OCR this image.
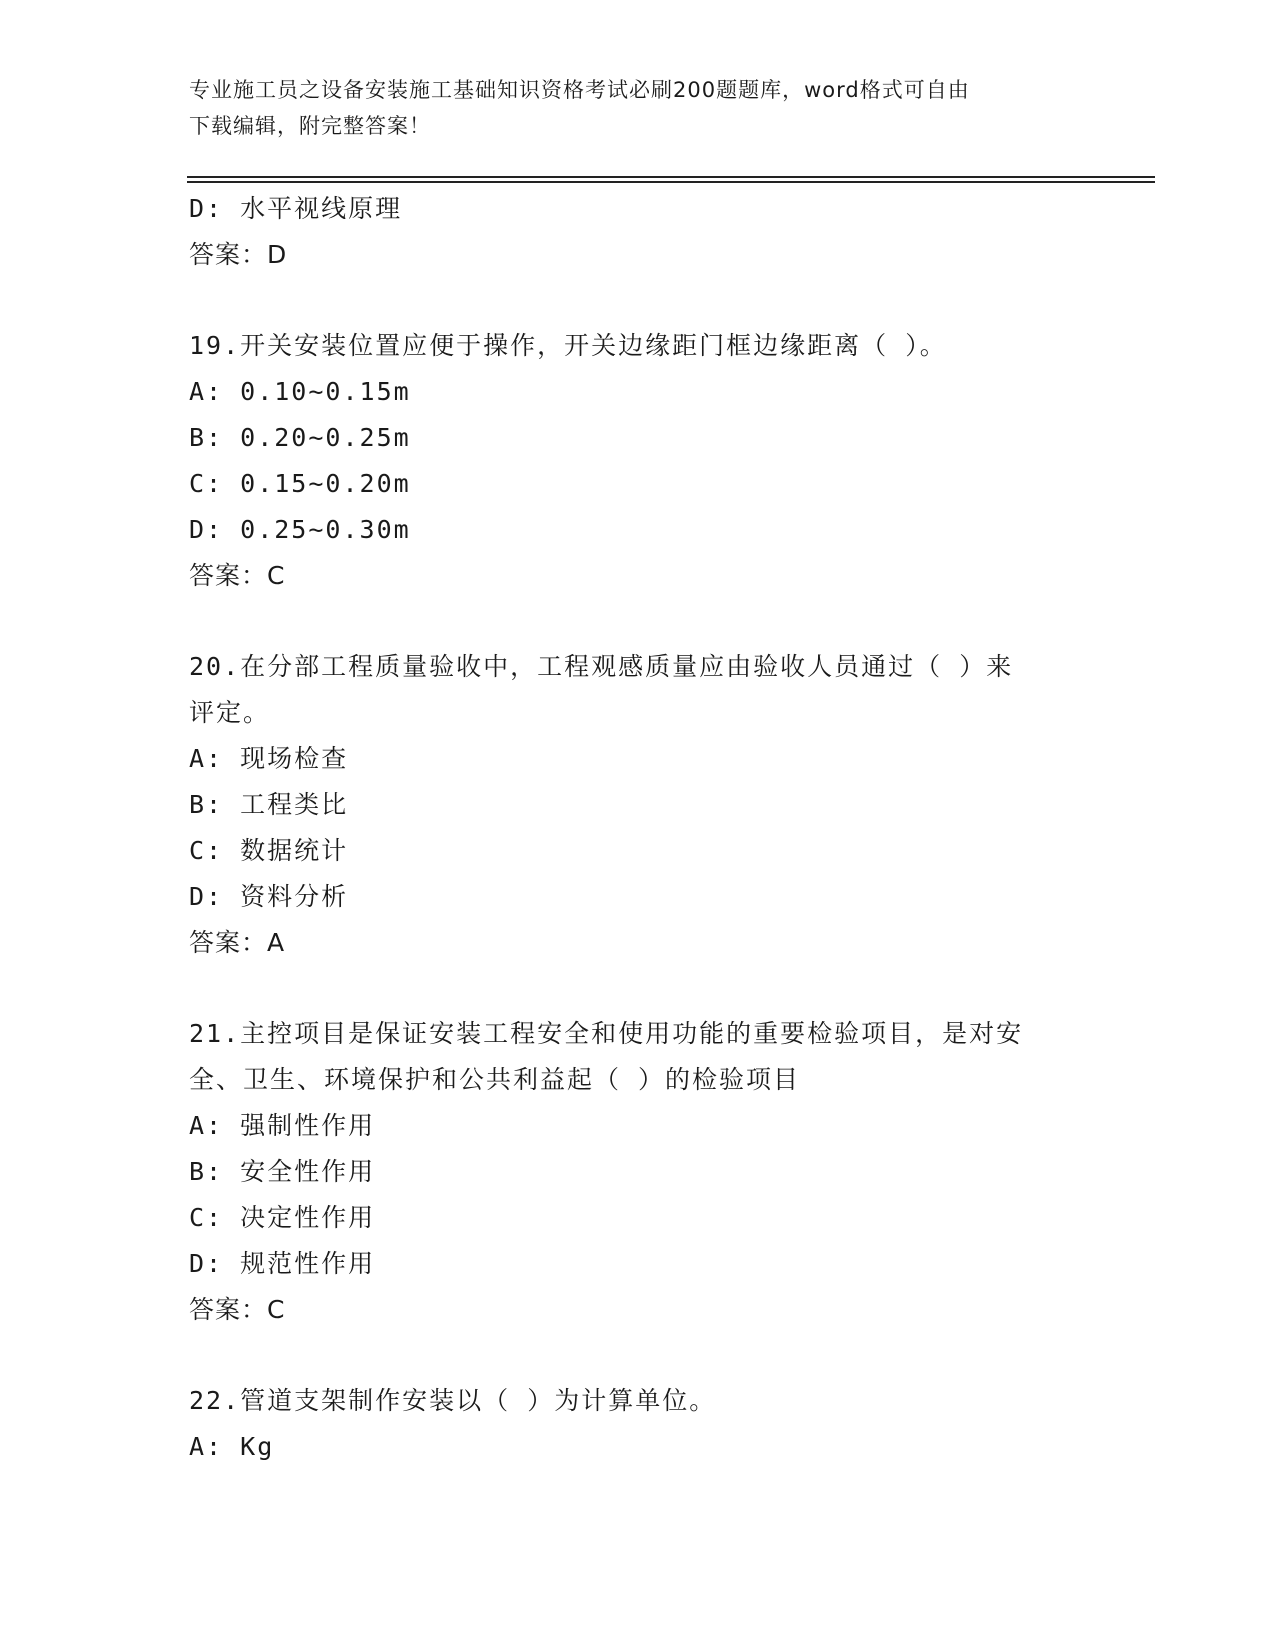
专业施工员之设备安装施工基础知识资格考试必刷200题题库，word格式可自由
下载编辑，附完整答案！
D: 水平视线原理
答案：D
19.开关安装位置应便于操作，开关边缘距门框边缘距离（ ）。
A: 0.10~0.15m
B: 0.20~0.25m
C: 0.15~0.20m
D: 0.25~0.30m
答案：C
20.在分部工程质量验收中，工程观感质量应由验收人员通过（ ）来
评定。
A: 现场检查
B: 工程类比
C: 数据统计
D: 资料分析
答案：A
21.主控项目是保证安装工程安全和使用功能的重要检验项目，是对安
全、卫生、环境保护和公共利益起（ ）的检验项目
A: 强制性作用
B: 安全性作用
C: 决定性作用
D: 规范性作用
答案：C
22.管道支架制作安装以（ ）为计算单位。
A: Kg
